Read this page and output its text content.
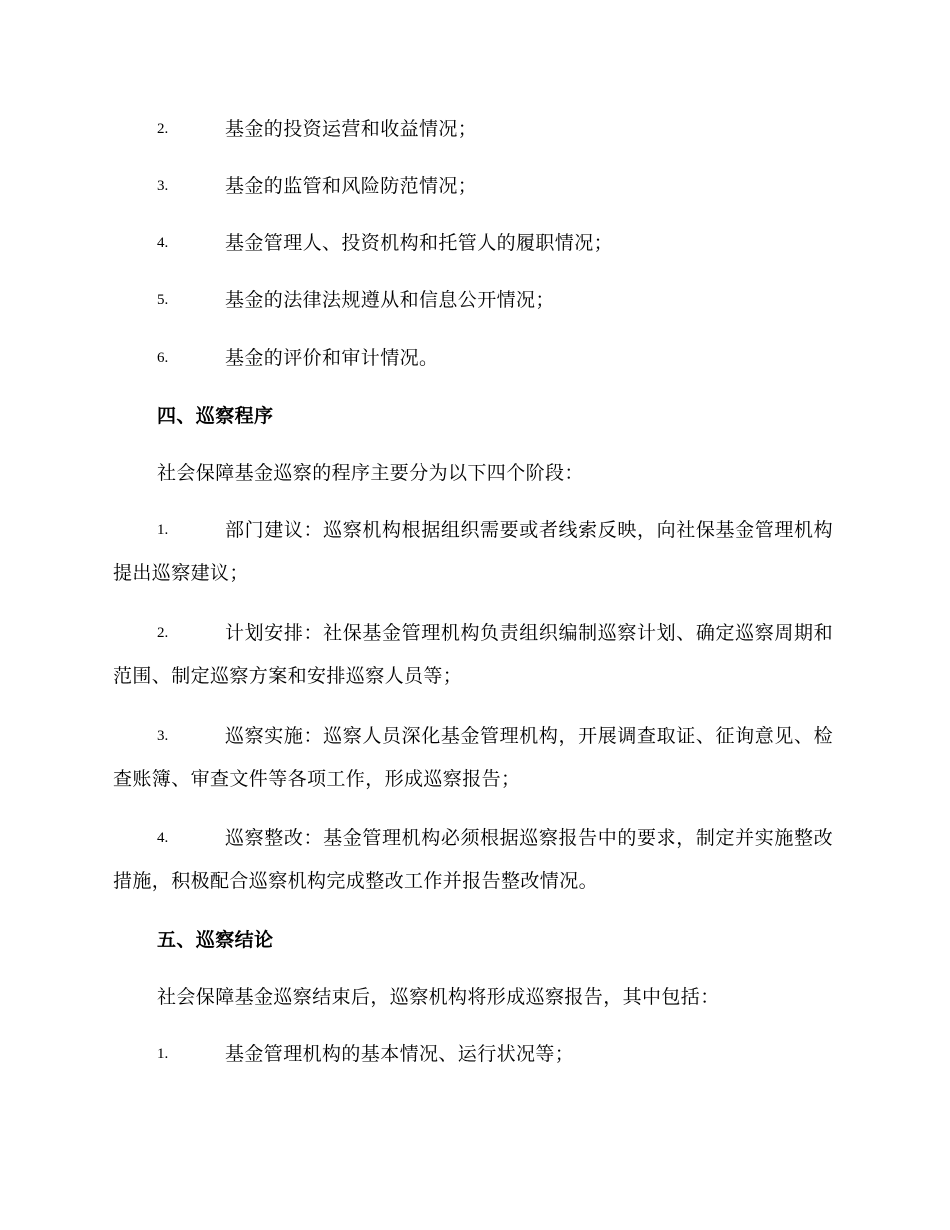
2.	基金的投资运营和收益情况；
3.	基金的监管和风险防范情况；
4.	基金管理人、投资机构和托管人的履职情况；
5.	基金的法律法规遵从和信息公开情况；
6.	基金的评价和审计情况。
四、巡察程序
社会保障基金巡察的程序主要分为以下四个阶段：
1.	部门建议：巡察机构根据组织需要或者线索反映，向社保基金管理机构提出巡察建议；
2.	计划安排：社保基金管理机构负责组织编制巡察计划、确定巡察周期和范围、制定巡察方案和安排巡察人员等；
3.	巡察实施：巡察人员深化基金管理机构，开展调查取证、征询意见、检查账簿、审查文件等各项工作，形成巡察报告；
4.	巡察整改：基金管理机构必须根据巡察报告中的要求，制定并实施整改措施，积极配合巡察机构完成整改工作并报告整改情况。
五、巡察结论
社会保障基金巡察结束后，巡察机构将形成巡察报告，其中包括：
1.	基金管理机构的基本情况、运行状况等；
